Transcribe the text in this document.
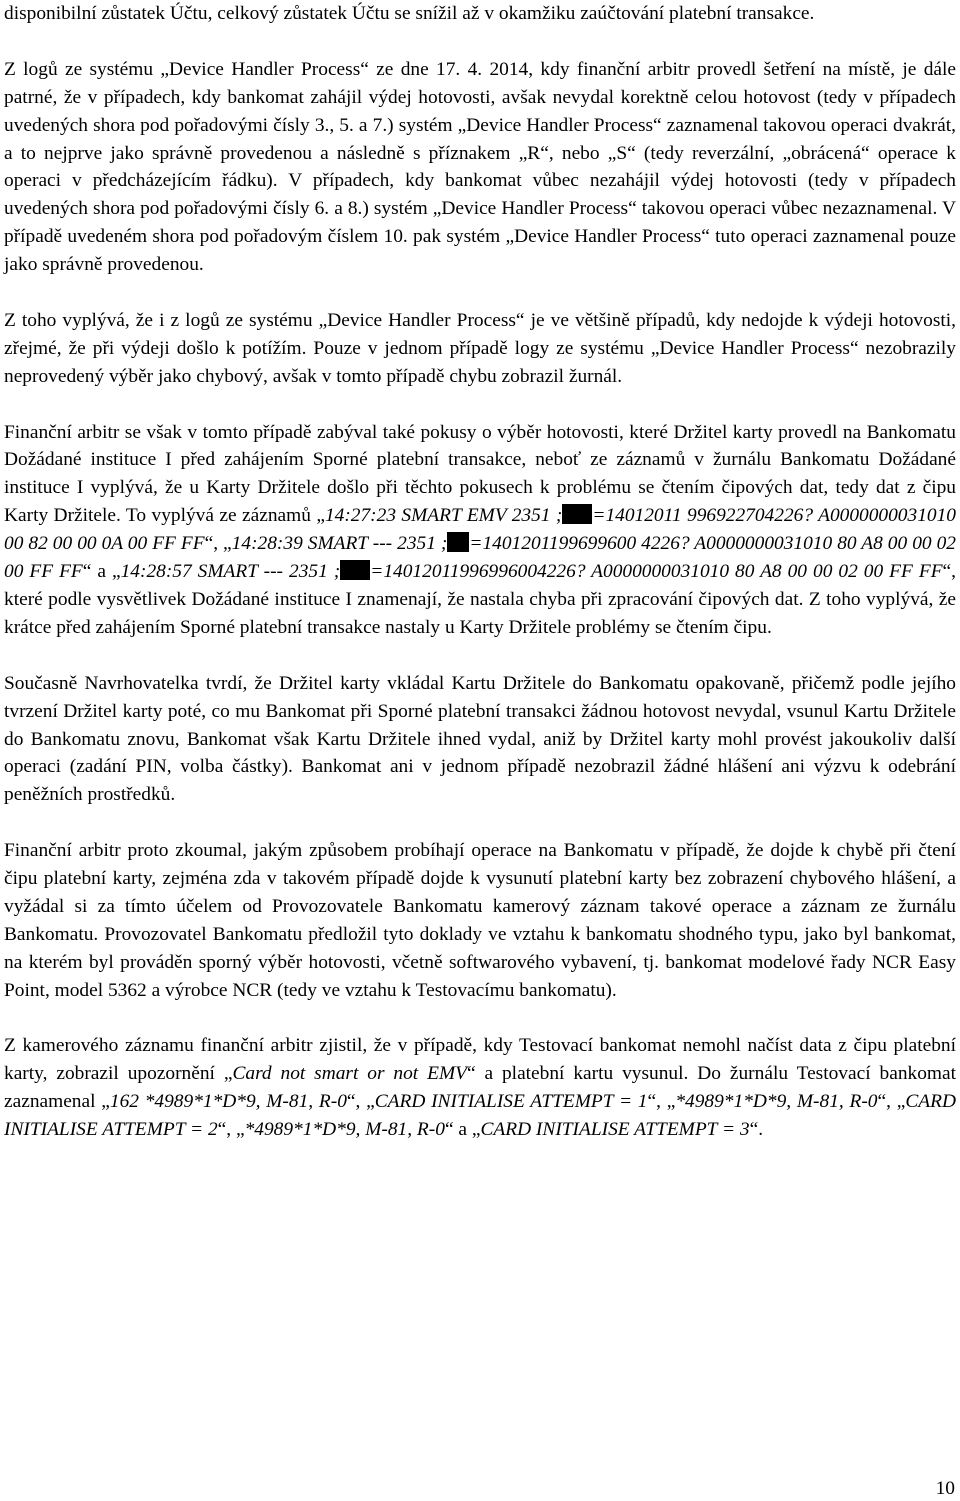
disponibilní zůstatek Účtu, celkový zůstatek Účtu se snížil až v okamžiku zaúčtování platební transakce.

Z logů ze systému „Device Handler Process“ ze dne 17. 4. 2014, kdy finanční arbitr provedl šetření na místě, je dále patrné, že v případech, kdy bankomat zahájil výdej hotovosti, avšak nevydal korektně celou hotovost (tedy v případech uvedených shora pod pořadovými čísly 3., 5. a 7.) systém „Device Handler Process“ zaznamenal takovou operaci dvakrát, a to nejprve jako správně provedenou a následně s příznakem „R“, nebo „S“ (tedy reverzální, „obrácená“ operace k operaci v předcházejícím řádku). V případech, kdy bankomat vůbec nezahájil výdej hotovosti (tedy v případech uvedených shora pod pořadovými čísly 6. a 8.) systém „Device Handler Process“ takovou operaci vůbec nezaznamenal. V případě uvedeném shora pod pořadovým číslem 10. pak systém „Device Handler Process“ tuto operaci zaznamenal pouze jako správně provedenou.

Z toho vyplývá, že i z logů ze systému „Device Handler Process“ je ve většině případů, kdy nedojde k výdeji hotovosti, zřejmé, že při výdeji došlo k potížím. Pouze v jednom případě logy ze systému „Device Handler Process“ nezobrazily neprovedený výběr jako chybový, avšak v tomto případě chybu zobrazil žurnál.

Finanční arbitr se však v tomto případě zabýval také pokusy o výběr hotovosti, které Držitel karty provedl na Bankomatu Dožádané instituce I před zahájením Sporné platební transakce, neboť ze záznamů v žurnálu Bankomatu Dožádané instituce I vyplývá, že u Karty Držitele došlo při těchto pokusech k problému se čtením čipových dat, tedy dat z čipu Karty Držitele. To vyplývá ze záznamů „14:27:23 SMART EMV 2351 ; =14012011 996922704226? A0000000031010 00 82 00 00 0A 00 FF FF“, „14:28:39 SMART --- 2351 ; =1401201199699600 4226? A0000000031010 80 A8 00 00 02 00 FF FF“ a „14:28:57 SMART --- 2351 ; =14012011996996004226? A0000000031010 80 A8 00 00 02 00 FF FF“, které podle vysvětlivek Dožádané instituce I znamenají, že nastala chyba při zpracování čipových dat. Z toho vyplývá, že krátce před zahájením Sporné platební transakce nastaly u Karty Držitele problémy se čtením čipu.

Současně Navrhovatelka tvrdí, že Držitel karty vkládal Kartu Držitele do Bankomatu opakovaně, přičemž podle jejího tvrzení Držitel karty poté, co mu Bankomat při Sporné platební transakci žádnou hotovost nevydal, vsunul Kartu Držitele do Bankomatu znovu, Bankomat však Kartu Držitele ihned vydal, aniž by Držitel karty mohl provést jakoukoliv další operaci (zadání PIN, volba částky). Bankomat ani v jednom případě nezobrazil žádné hlášení ani výzvu k odebrání peněžních prostředků.

Finanční arbitr proto zkoumal, jakým způsobem probíhají operace na Bankomatu v případě, že dojde k chybě při čtení čipu platební karty, zejména zda v takovém případě dojde k vysunutí platební karty bez zobrazení chybového hlášení, a vyžádal si za tímto účelem od Provozovatele Bankomatu kamerový záznam takové operace a záznam ze žurnálu Bankomatu. Provozovatel Bankomatu předložil tyto doklady ve vztahu k bankomatu shodného typu, jako byl bankomat, na kterém byl prováděn sporný výběr hotovosti, včetně softwarového vybavení, tj. bankomat modelové řady NCR Easy Point, model 5362 a výrobce NCR (tedy ve vztahu k Testovacímu bankomatu).

Z kamerového záznamu finanční arbitr zjistil, že v případě, kdy Testovací bankomat nemohl načíst data z čipu platební karty, zobrazil upozornění „Card not smart or not EMV“ a platební kartu vysunul. Do žurnálu Testovací bankomat zaznamenal „162 *4989*1*D*9, M-81, R-0“, „CARD INITIALISE ATTEMPT = 1“, „*4989*1*D*9, M-81, R-0“, „CARD INITIALISE ATTEMPT = 2“, „*4989*1*D*9, M-81, R-0“ a „CARD INITIALISE ATTEMPT = 3“.

10
